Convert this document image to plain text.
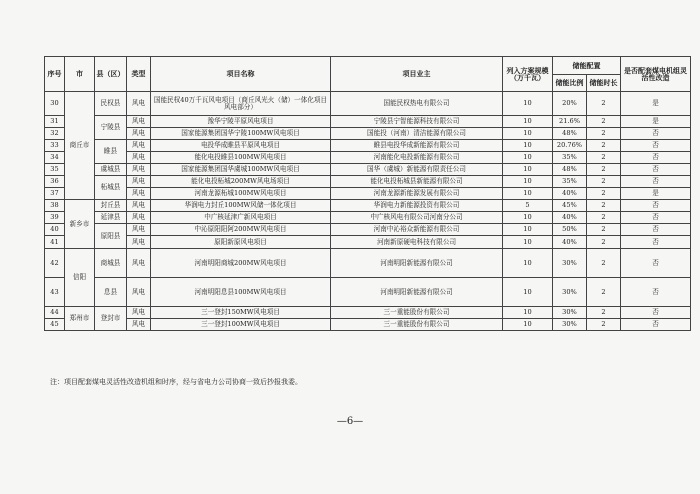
序号	市	县（区）	类型	项目名称	项目业主	列入方案规模（万千瓦）	储能配置		是否配套煤电机组灵活性改造
							储能比例	储能时长	
30	商丘市	民权县	风电	国能民权40万千瓦风电项目（商丘风光火（储）一体化项目风电部分）	国能民权热电有限公司	10	20%	2	是
31		宁陵县	风电	豫华宁陵平原风电项目	宁陵县宁智能源科技有限公司	10	21.6%	2	是
32			风电	国家能源集团国华宁陵100MW风电项目	国能投（河南）清洁能源有限公司	10	48%	2	否
33		睢县	风电	电投华成睢县平原风电项目	睢县电投华成新能源有限公司	10	20.76%	2	否
34			风电	能化电投睢县100MW风电项目	河南能化电投新能源有限公司	10	35%	2	否
35		虞城县	风电	国家能源集团国华虞城100MW风电项目	国华（虞城）新能源有限责任公司	10	48%	2	否
36		柘城县	风电	能化电投柘城200MW风电场项目	能化电投柘城县新能源有限公司	10	35%	2	否
37			风电	河南龙源柘城100MW风电项目	河南龙源新能源发展有限公司	10	40%	2	是
38	新乡市	封丘县	风电	华润电力封丘100MW风储一体化项目	华润电力新能源投资有限公司	5	45%	2	否
39		延津县	风电	中广核延津广新风电项目	中广核风电有限公司河南分公司	10	40%	2	否
40		原阳县	风电	中沁原阳阳阿200MW风电项目	河南中沁裕众新能源有限公司	10	50%	2	否
41			风电	原阳新原风电项目	河南新原硬电科技有限公司	10	40%	2	否
42	信阳	商城县	风电	河南明阳商城200MW风电项目	河南明阳新能源有限公司	10	30%	2	否
43		息县	风电	河南明阳息县100MW风电项目	河南明阳新能源有限公司	10	30%	2	否
44	郑州市	登封市	风电	三一登封150MW风电项目	三一重能股份有限公司	10	30%	2	否
45			风电	三一登封100MW风电项目	三一重能股份有限公司	10	30%	2	否
注：项目配套煤电灵活性改造机组和时序，经与省电力公司协商一致后抄报我委。
—6—
